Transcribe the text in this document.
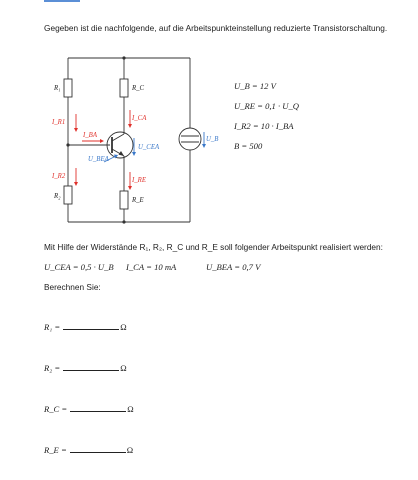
Gegeben ist die nachfolgende, auf die Arbeitspunkteinstellung reduzierte Transistorschaltung.
R₁
R₂
R_C
R_E
I_R1
I_R2
I_BA
I_CA
I_RE
U_CEA
U_BEA
U_B
U_B = 12 V
U_RE = 0,1 · U_Q
I_R2 = 10 · I_BA
B = 500
Mit Hilfe der Widerstände R₁, R₂, R_C und R_E soll folgender Arbeitspunkt realisiert werden:
U_CEA = 0,5 · U_B I_CA = 10 mA	U_BEA = 0,7 V
Berechnen Sie:
R₁ =	Ω
R₂ =	Ω
R_C =	Ω
R_E =	Ω
